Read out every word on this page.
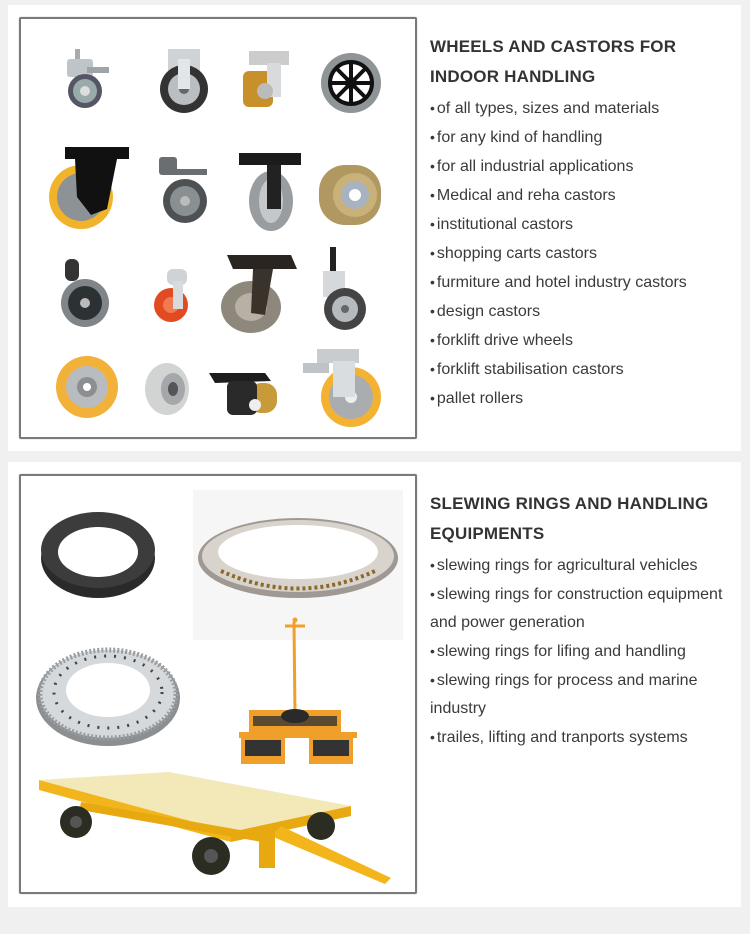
WHEELS AND CASTORS FOR
INDOOR HANDLING
• of all types, sizes and materials
• for any kind of handling
• for all industrial applications
• Medical and reha castors
• institutional castors
• shopping carts castors
• furmiture and hotel industry castors
• design castors
• forklift drive wheels
• forklift stabilisation castors
• pallet rollers
SLEWING RINGS AND HANDLING
EQUIPMENTS
• slewing rings for agricultural vehicles
• slewing rings for construction equipment and power generation
• slewing rings for lifing and handling
• slewing rings for process and marine industry
• trailes, lifting and tranports systems
